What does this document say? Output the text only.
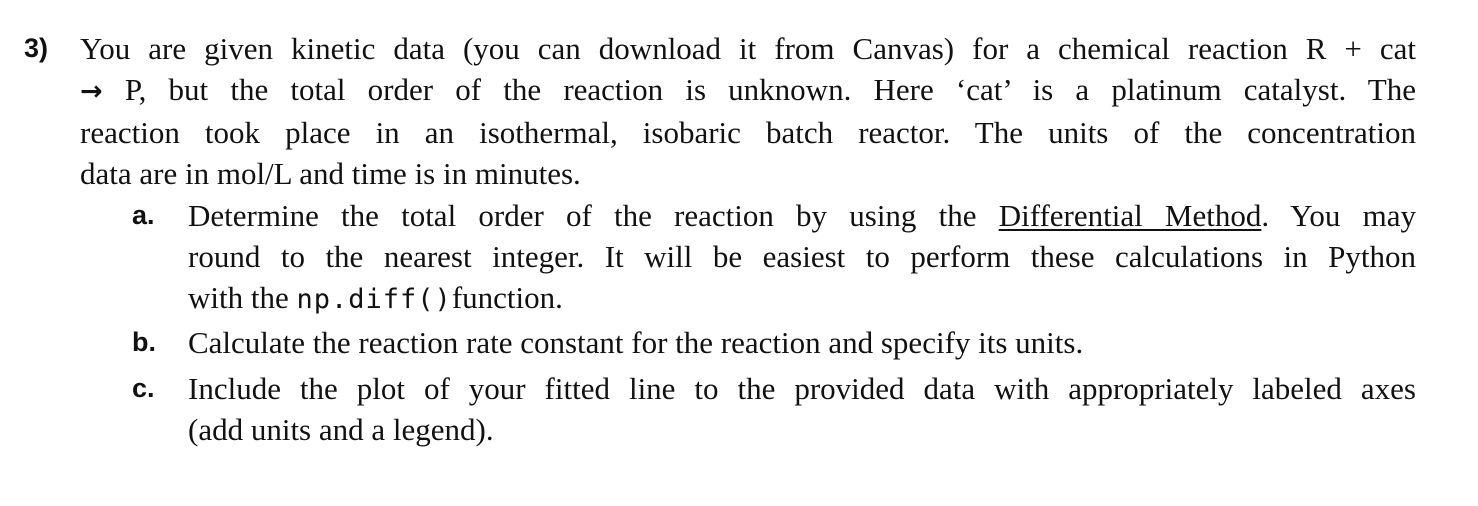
3) You are given kinetic data (you can download it from Canvas) for a chemical reaction R + cat
→ P, but the total order of the reaction is unknown. Here ‘cat’ is a platinum catalyst. The
reaction took place in an isothermal, isobaric batch reactor. The units of the concentration
data are in mol/L and time is in minutes.
a. Determine the total order of the reaction by using the Differential Method. You may
round to the nearest integer. It will be easiest to perform these calculations in Python
with the np.diff()function.
b. Calculate the reaction rate constant for the reaction and specify its units.
c. Include the plot of your fitted line to the provided data with appropriately labeled axes
(add units and a legend).
